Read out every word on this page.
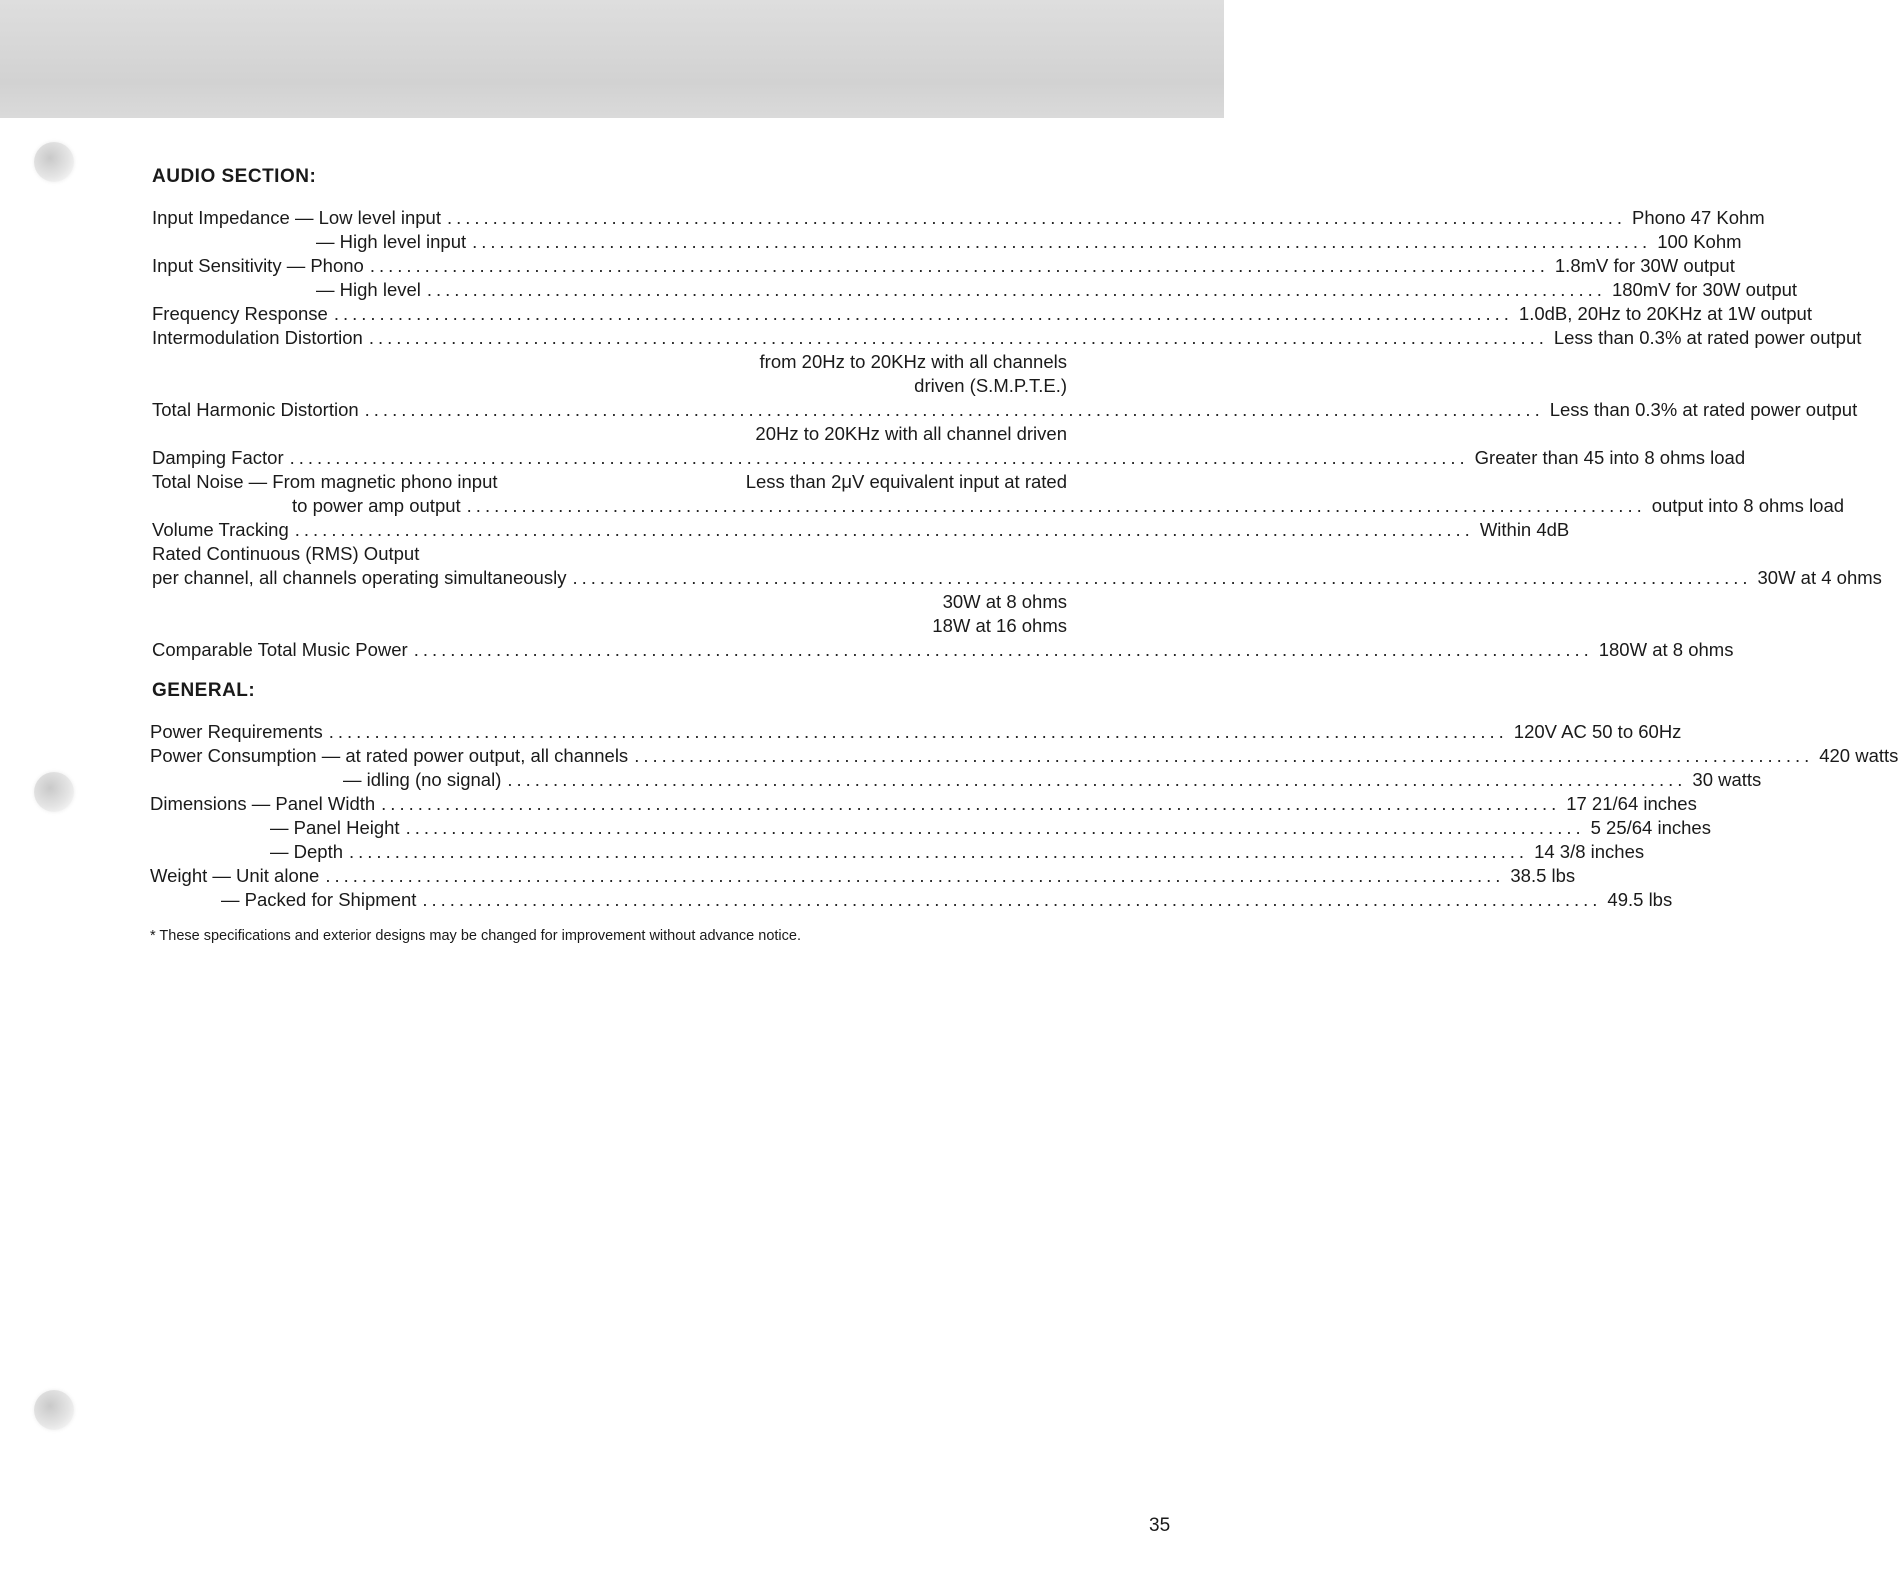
AUDIO SECTION:
Input Impedance — Low level input ................................................................................................................................. Phono 47 Kohm
— High level input ................................................................................................................................. 100 Kohm
Input Sensitivity — Phono ................................................................................................................................. 1.8mV for 30W output
— High level ................................................................................................................................. 180mV for 30W output
Frequency Response ................................................................................................................................. 1.0dB, 20Hz to 20KHz at 1W output
Intermodulation Distortion ................................................................................................................................. Less than 0.3% at rated power output
from 20Hz to 20KHz with all channels
driven (S.M.P.T.E.)
Total Harmonic Distortion ................................................................................................................................. Less than 0.3% at rated power output
20Hz to 20KHz with all channel driven
Damping Factor ................................................................................................................................. Greater than 45 into 8 ohms load
Total Noise — From magnetic phono input	Less than 2μV equivalent input at rated
to power amp output ................................................................................................................................. output into 8 ohms load
Volume Tracking ................................................................................................................................. Within 4dB
Rated Continuous (RMS) Output
per channel, all channels operating simultaneously ................................................................................................................................. 30W at 4 ohms
30W at 8 ohms
18W at 16 ohms
Comparable Total Music Power ................................................................................................................................. 180W at 8 ohms
GENERAL:
Power Requirements ................................................................................................................................. 120V AC 50 to 60Hz
Power Consumption — at rated power output, all channels ................................................................................................................................. 420 watts
— idling (no signal) ................................................................................................................................. 30 watts
Dimensions — Panel Width ................................................................................................................................. 17 21/64 inches
— Panel Height ................................................................................................................................. 5 25/64 inches
— Depth ................................................................................................................................. 14 3/8 inches
Weight — Unit alone ................................................................................................................................. 38.5 lbs
— Packed for Shipment ................................................................................................................................. 49.5 lbs
* These specifications and exterior designs may be changed for improvement without advance notice.
35
